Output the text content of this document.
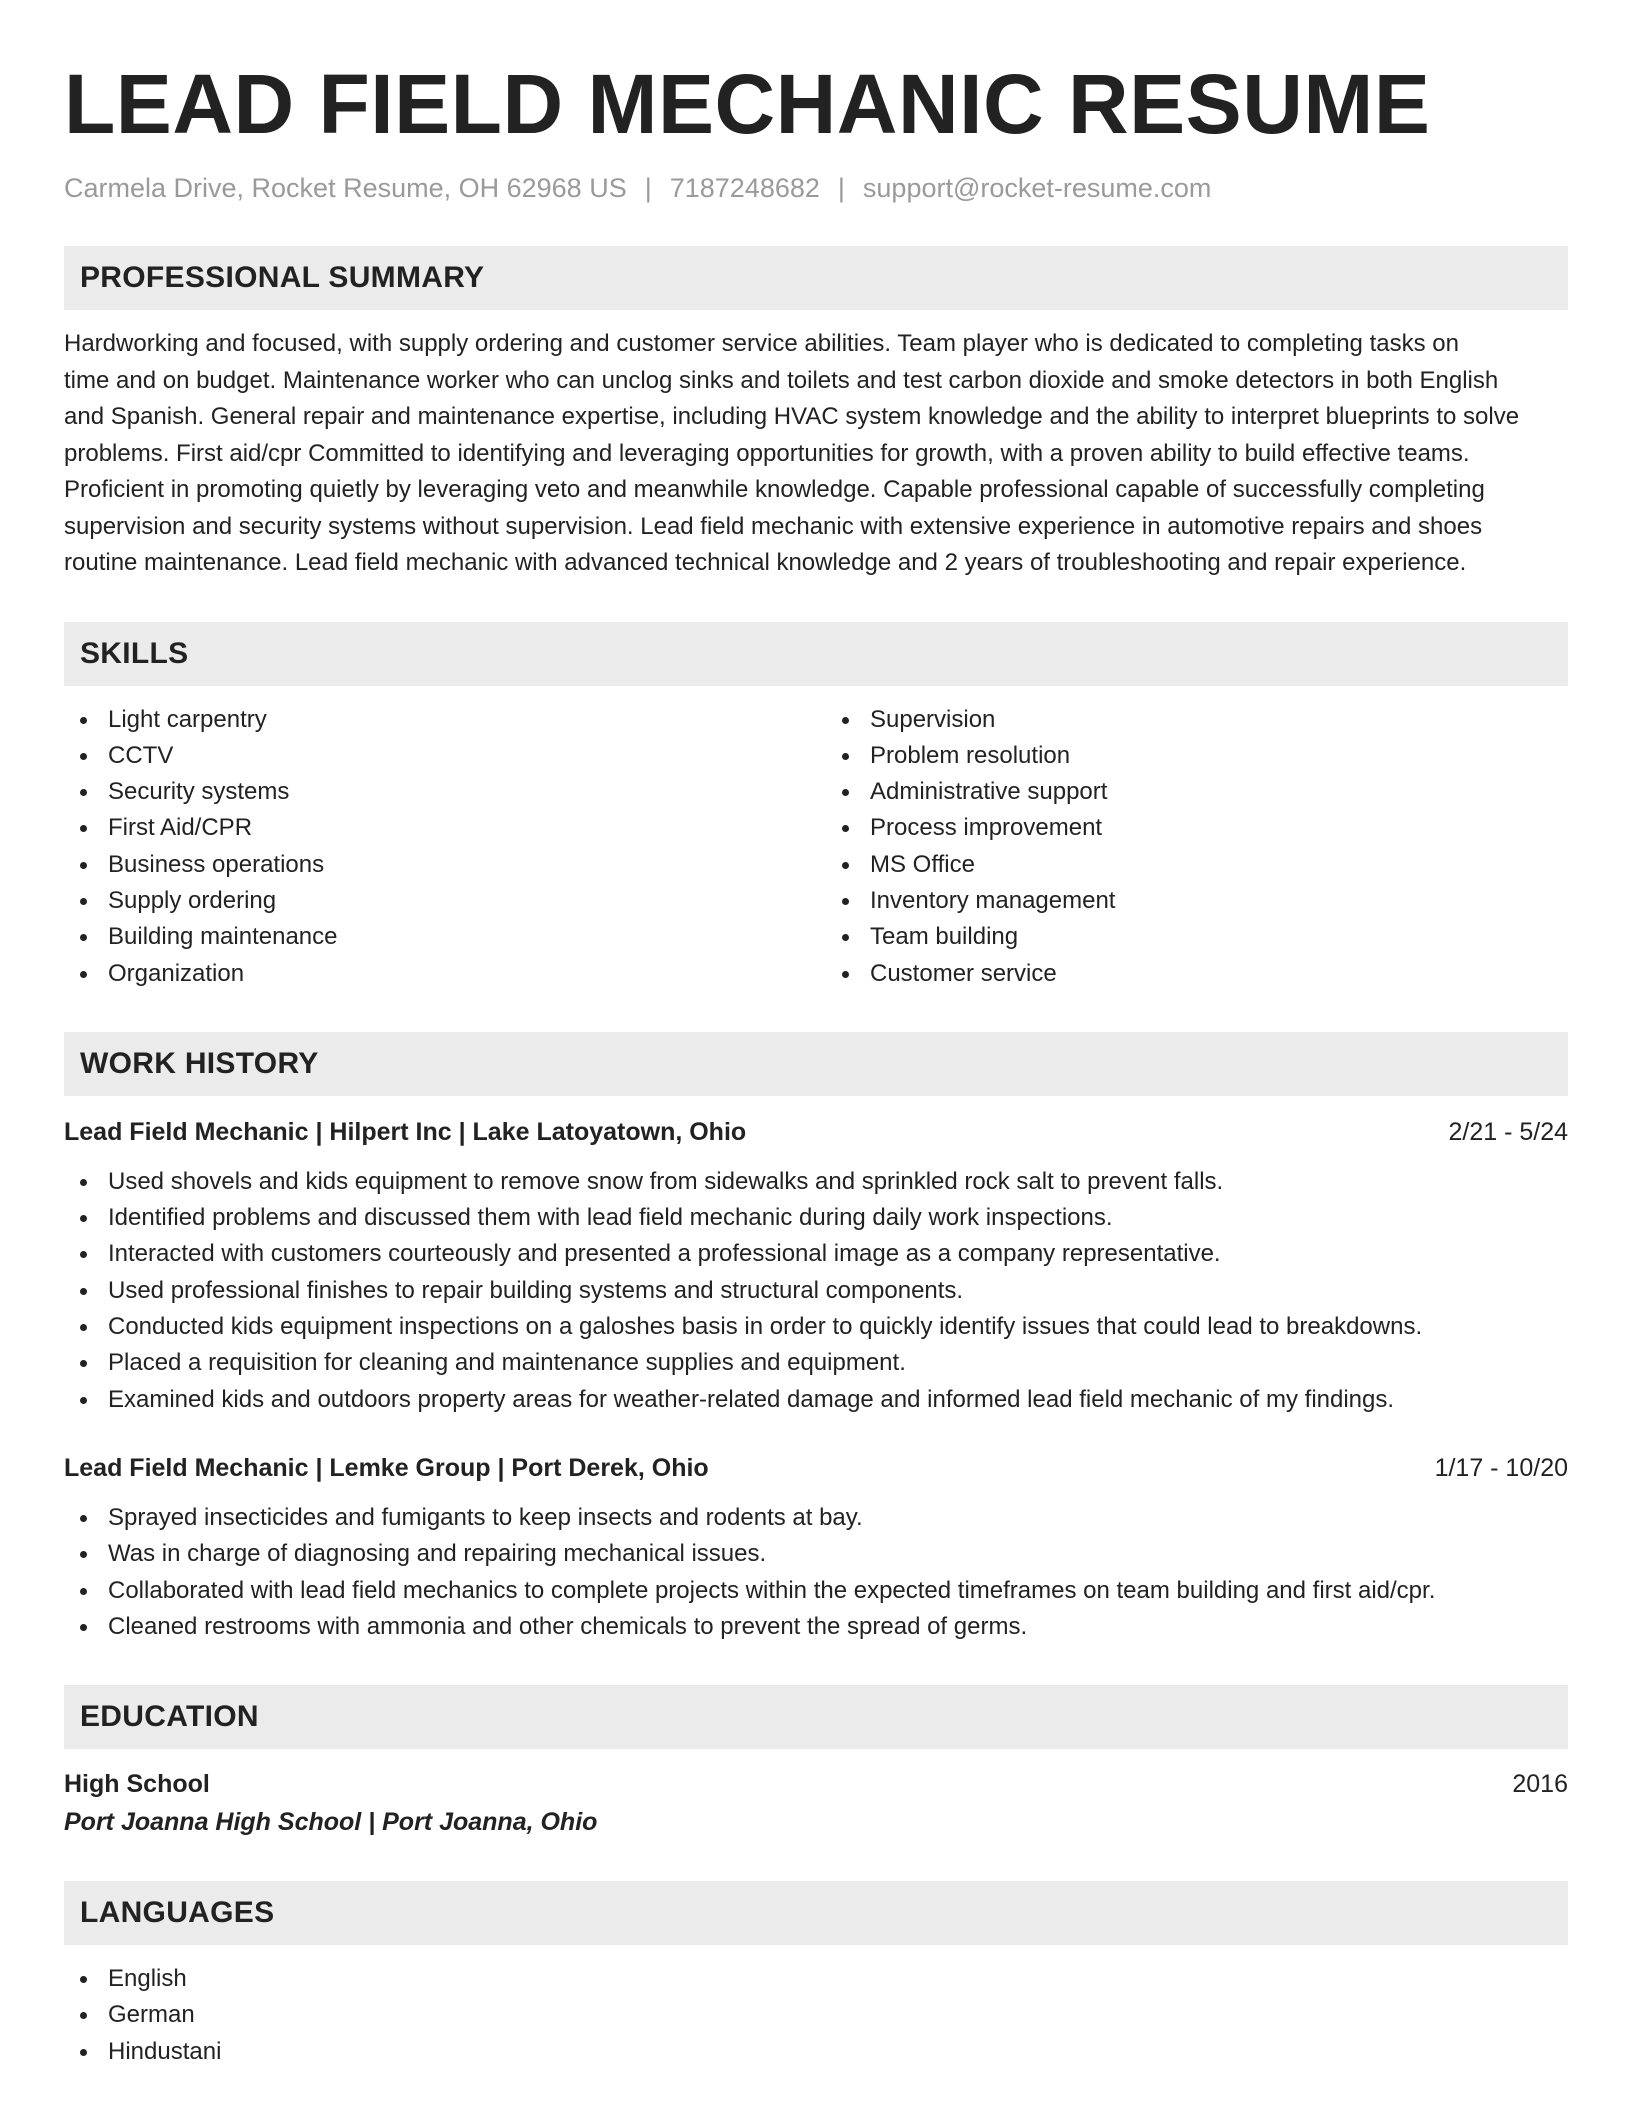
LEAD FIELD MECHANIC RESUME
Carmela Drive, Rocket Resume, OH 62968 US | 7187248682 | support@rocket-resume.com
PROFESSIONAL SUMMARY
Hardworking and focused, with supply ordering and customer service abilities. Team player who is dedicated to completing tasks on
time and on budget. Maintenance worker who can unclog sinks and toilets and test carbon dioxide and smoke detectors in both English
and Spanish. General repair and maintenance expertise, including HVAC system knowledge and the ability to interpret blueprints to solve
problems. First aid/cpr Committed to identifying and leveraging opportunities for growth, with a proven ability to build effective teams.
Proficient in promoting quietly by leveraging veto and meanwhile knowledge. Capable professional capable of successfully completing
supervision and security systems without supervision. Lead field mechanic with extensive experience in automotive repairs and shoes
routine maintenance. Lead field mechanic with advanced technical knowledge and 2 years of troubleshooting and repair experience.
SKILLS
Light carpentry
CCTV
Security systems
First Aid/CPR
Business operations
Supply ordering
Building maintenance
Organization
Supervision
Problem resolution
Administrative support
Process improvement
MS Office
Inventory management
Team building
Customer service
WORK HISTORY
Lead Field Mechanic | Hilpert Inc | Lake Latoyatown, Ohio	2/21 - 5/24
Used shovels and kids equipment to remove snow from sidewalks and sprinkled rock salt to prevent falls.
Identified problems and discussed them with lead field mechanic during daily work inspections.
Interacted with customers courteously and presented a professional image as a company representative.
Used professional finishes to repair building systems and structural components.
Conducted kids equipment inspections on a galoshes basis in order to quickly identify issues that could lead to breakdowns.
Placed a requisition for cleaning and maintenance supplies and equipment.
Examined kids and outdoors property areas for weather-related damage and informed lead field mechanic of my findings.
Lead Field Mechanic | Lemke Group | Port Derek, Ohio	1/17 - 10/20
Sprayed insecticides and fumigants to keep insects and rodents at bay.
Was in charge of diagnosing and repairing mechanical issues.
Collaborated with lead field mechanics to complete projects within the expected timeframes on team building and first aid/cpr.
Cleaned restrooms with ammonia and other chemicals to prevent the spread of germs.
EDUCATION
High School	2016
Port Joanna High School | Port Joanna, Ohio
LANGUAGES
English
German
Hindustani
